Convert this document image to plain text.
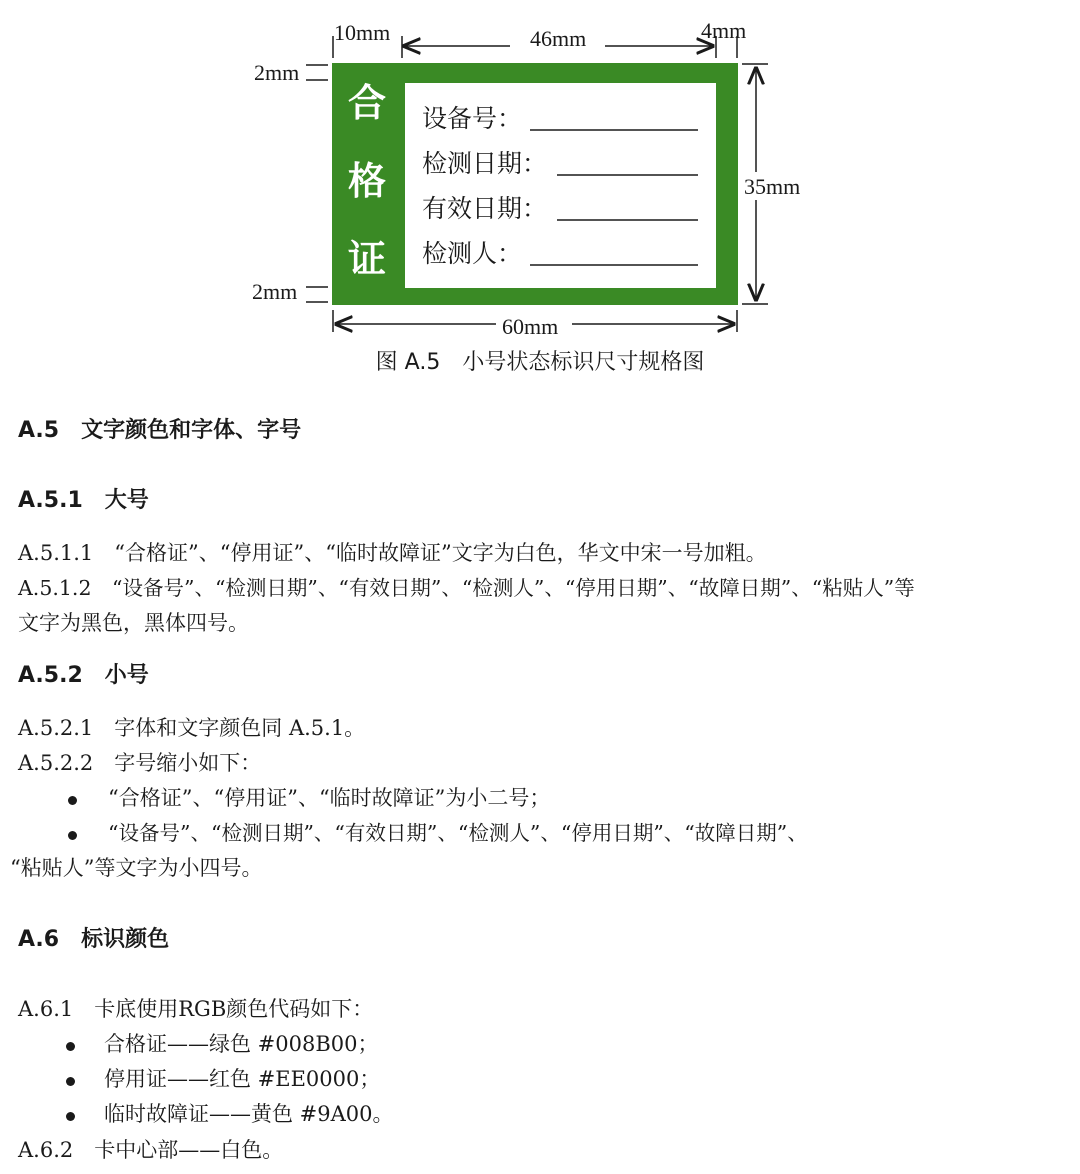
10mm	46mm	4mm
2mm
2mm
35mm
60mm
合
格
证
设备号：
检测日期：
有效日期：
检测人：
图 A.5　小号状态标识尺寸规格图
A.5　文字颜色和字体、字号
A.5.1　大号
A.5.1.1　“合格证”、“停用证”、“临时故障证”文字为白色，华文中宋一号加粗。
A.5.1.2　“设备号”、“检测日期”、“有效日期”、“检测人”、“停用日期”、“故障日期”、“粘贴人”等
文字为黑色，黑体四号。
A.5.2　小号
A.5.2.1　字体和文字颜色同 A.5.1。
A.5.2.2　字号缩小如下：
“合格证”、“停用证”、“临时故障证”为小二号；
“设备号”、“检测日期”、“有效日期”、“检测人”、“停用日期”、“故障日期”、
“粘贴人”等文字为小四号。
A.6　标识颜色
A.6.1　卡底使用RGB颜色代码如下：
合格证——绿色 #008B00；
停用证——红色 #EE0000；
临时故障证——黄色 #9A00。
A.6.2　卡中心部——白色。
